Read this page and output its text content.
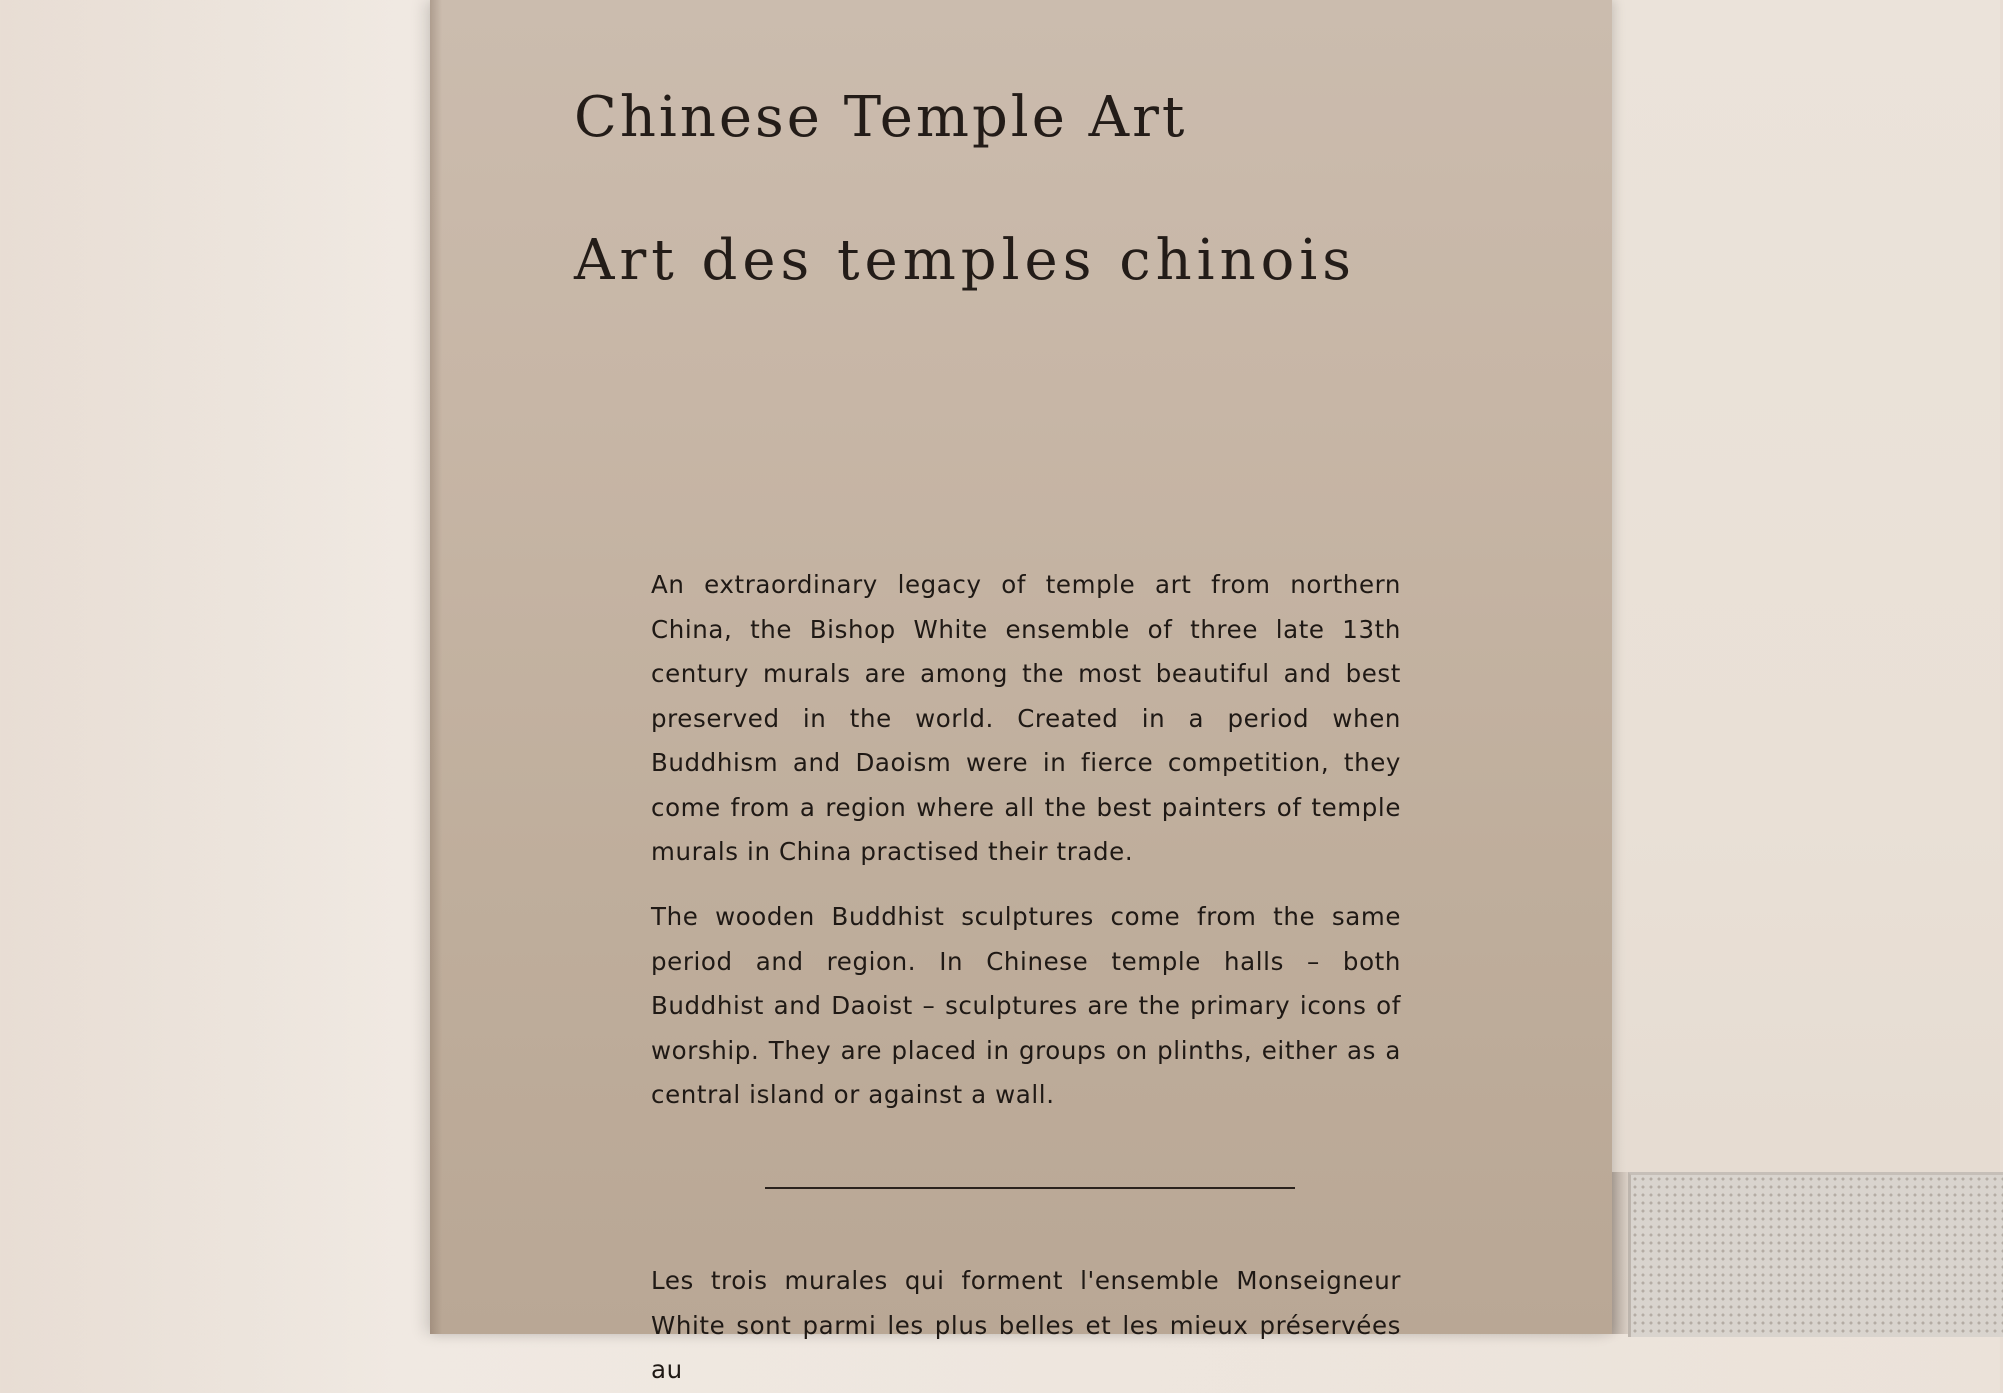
Chinese Temple Art
Art des temples chinois

An extraordinary legacy of temple art from northern China, the Bishop White ensemble of three late 13th century murals are among the most beautiful and best preserved in the world. Created in a period when Buddhism and Daoism were in fierce competition, they come from a region where all the best painters of temple murals in China practised their trade.

The wooden Buddhist sculptures come from the same period and region. In Chinese temple halls – both Buddhist and Daoist – sculptures are the primary icons of worship. They are placed in groups on plinths, either as a central island or against a wall.

Les trois murales qui forment l'ensemble Monseigneur White sont parmi les plus belles et les mieux préservées au
